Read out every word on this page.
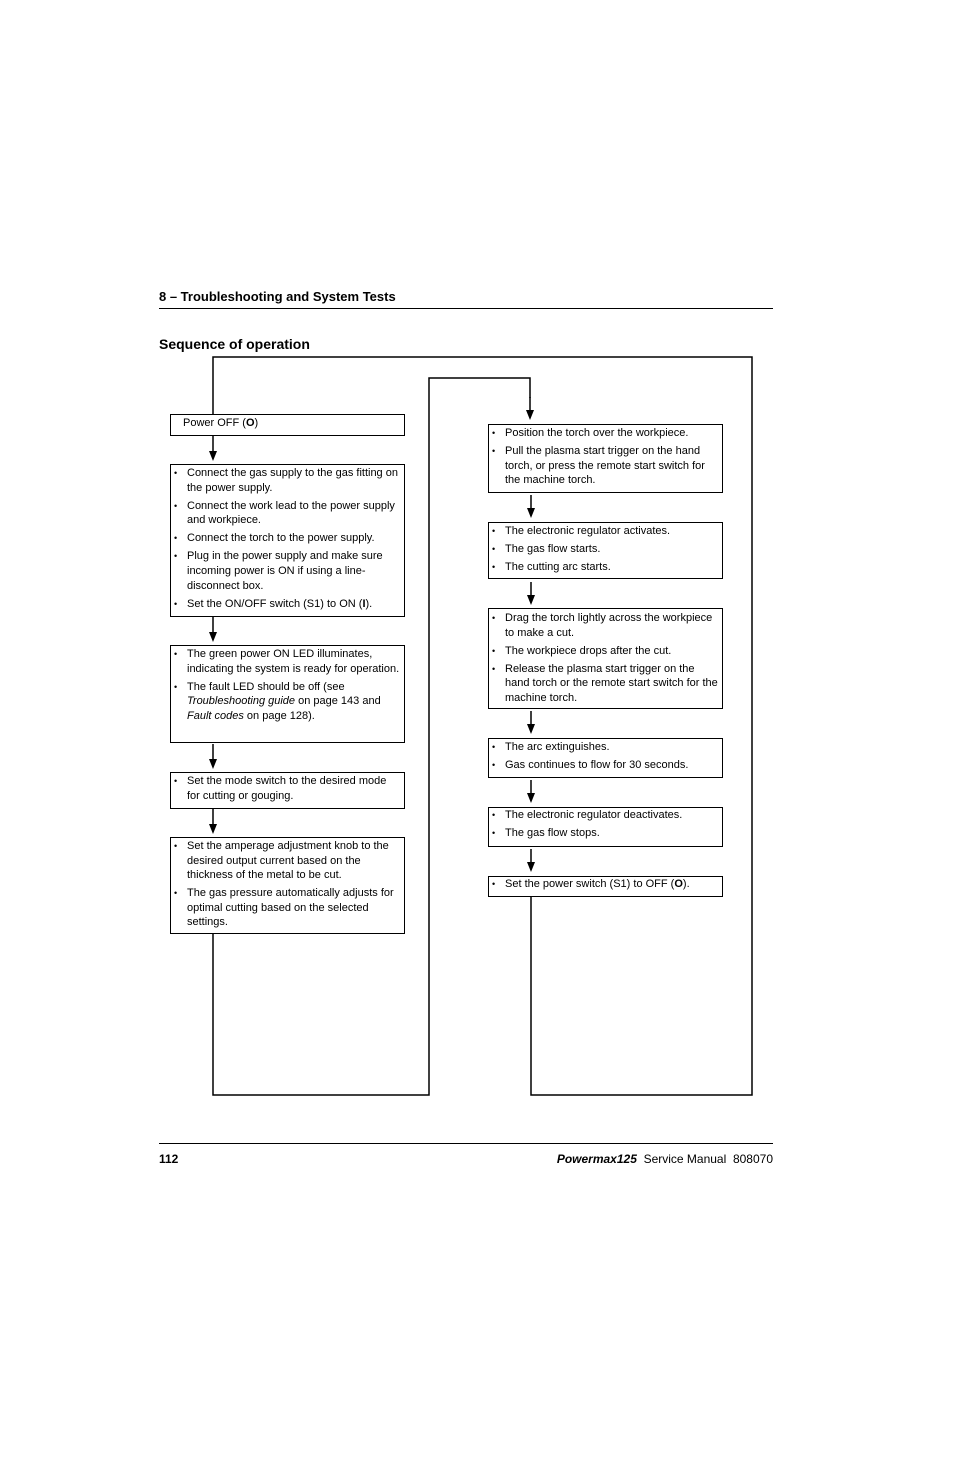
8 – Troubleshooting and System Tests
Sequence of operation
Power OFF (O)
• Connect the gas supply to the gas fitting on the power supply.
• Connect the work lead to the power supply and workpiece.
• Connect the torch to the power supply.
• Plug in the power supply and make sure incoming power is ON if using a line-disconnect box.
• Set the ON/OFF switch (S1) to ON (I).
• The green power ON LED illuminates, indicating the system is ready for operation.
• The fault LED should be off (see Troubleshooting guide on page 143 and Fault codes on page 128).
• Set the mode switch to the desired mode for cutting or gouging.
• Set the amperage adjustment knob to the desired output current based on the thickness of the metal to be cut.
• The gas pressure automatically adjusts for optimal cutting based on the selected settings.
• Position the torch over the workpiece.
• Pull the plasma start trigger on the hand torch, or press the remote start switch for the machine torch.
• The electronic regulator activates.
• The gas flow starts.
• The cutting arc starts.
• Drag the torch lightly across the workpiece to make a cut.
• The workpiece drops after the cut.
• Release the plasma start trigger on the hand torch or the remote start switch for the machine torch.
• The arc extinguishes.
• Gas continues to flow for 30 seconds.
• The electronic regulator deactivates.
• The gas flow stops.
• Set the power switch (S1) to OFF (O).
112	Powermax125 Service Manual 808070
